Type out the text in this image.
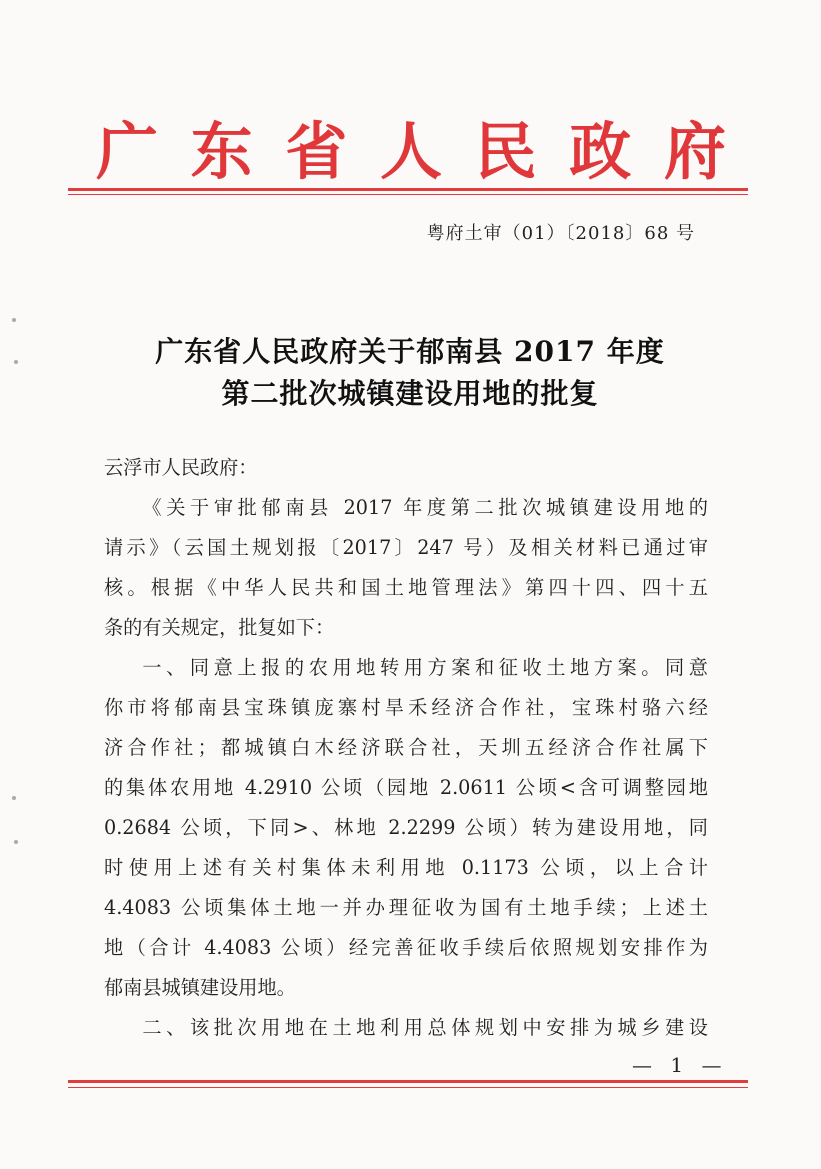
广 东 省 人 民 政 府
粤府土审（01）〔2018〕68 号
广东省人民政府关于郁南县 2017 年度
第二批次城镇建设用地的批复

云浮市人民政府：

《关于审批郁南县 2017 年度第二批次城镇建设用地的

请示》（云国土规划报〔2017〕247 号）及相关材料已通过审

核。根据《中华人民共和国土地管理法》第四十四、四十五

条的有关规定，批复如下：

一、同意上报的农用地转用方案和征收土地方案。同意

你市将郁南县宝珠镇庞寨村旱禾经济合作社，宝珠村骆六经

济合作社；都城镇白木经济联合社，天圳五经济合作社属下

的集体农用地 4.2910 公顷（园地 2.0611 公顷<含可调整园地

0.2684 公顷，下同>、林地 2.2299 公顷）转为建设用地，同

时使用上述有关村集体未利用地 0.1173 公顷，以上合计

4.4083 公顷集体土地一并办理征收为国有土地手续；上述土

地（合计 4.4083 公顷）经完善征收手续后依照规划安排作为

郁南县城镇建设用地。

二、该批次用地在土地利用总体规划中安排为城乡建设

— 1 —
